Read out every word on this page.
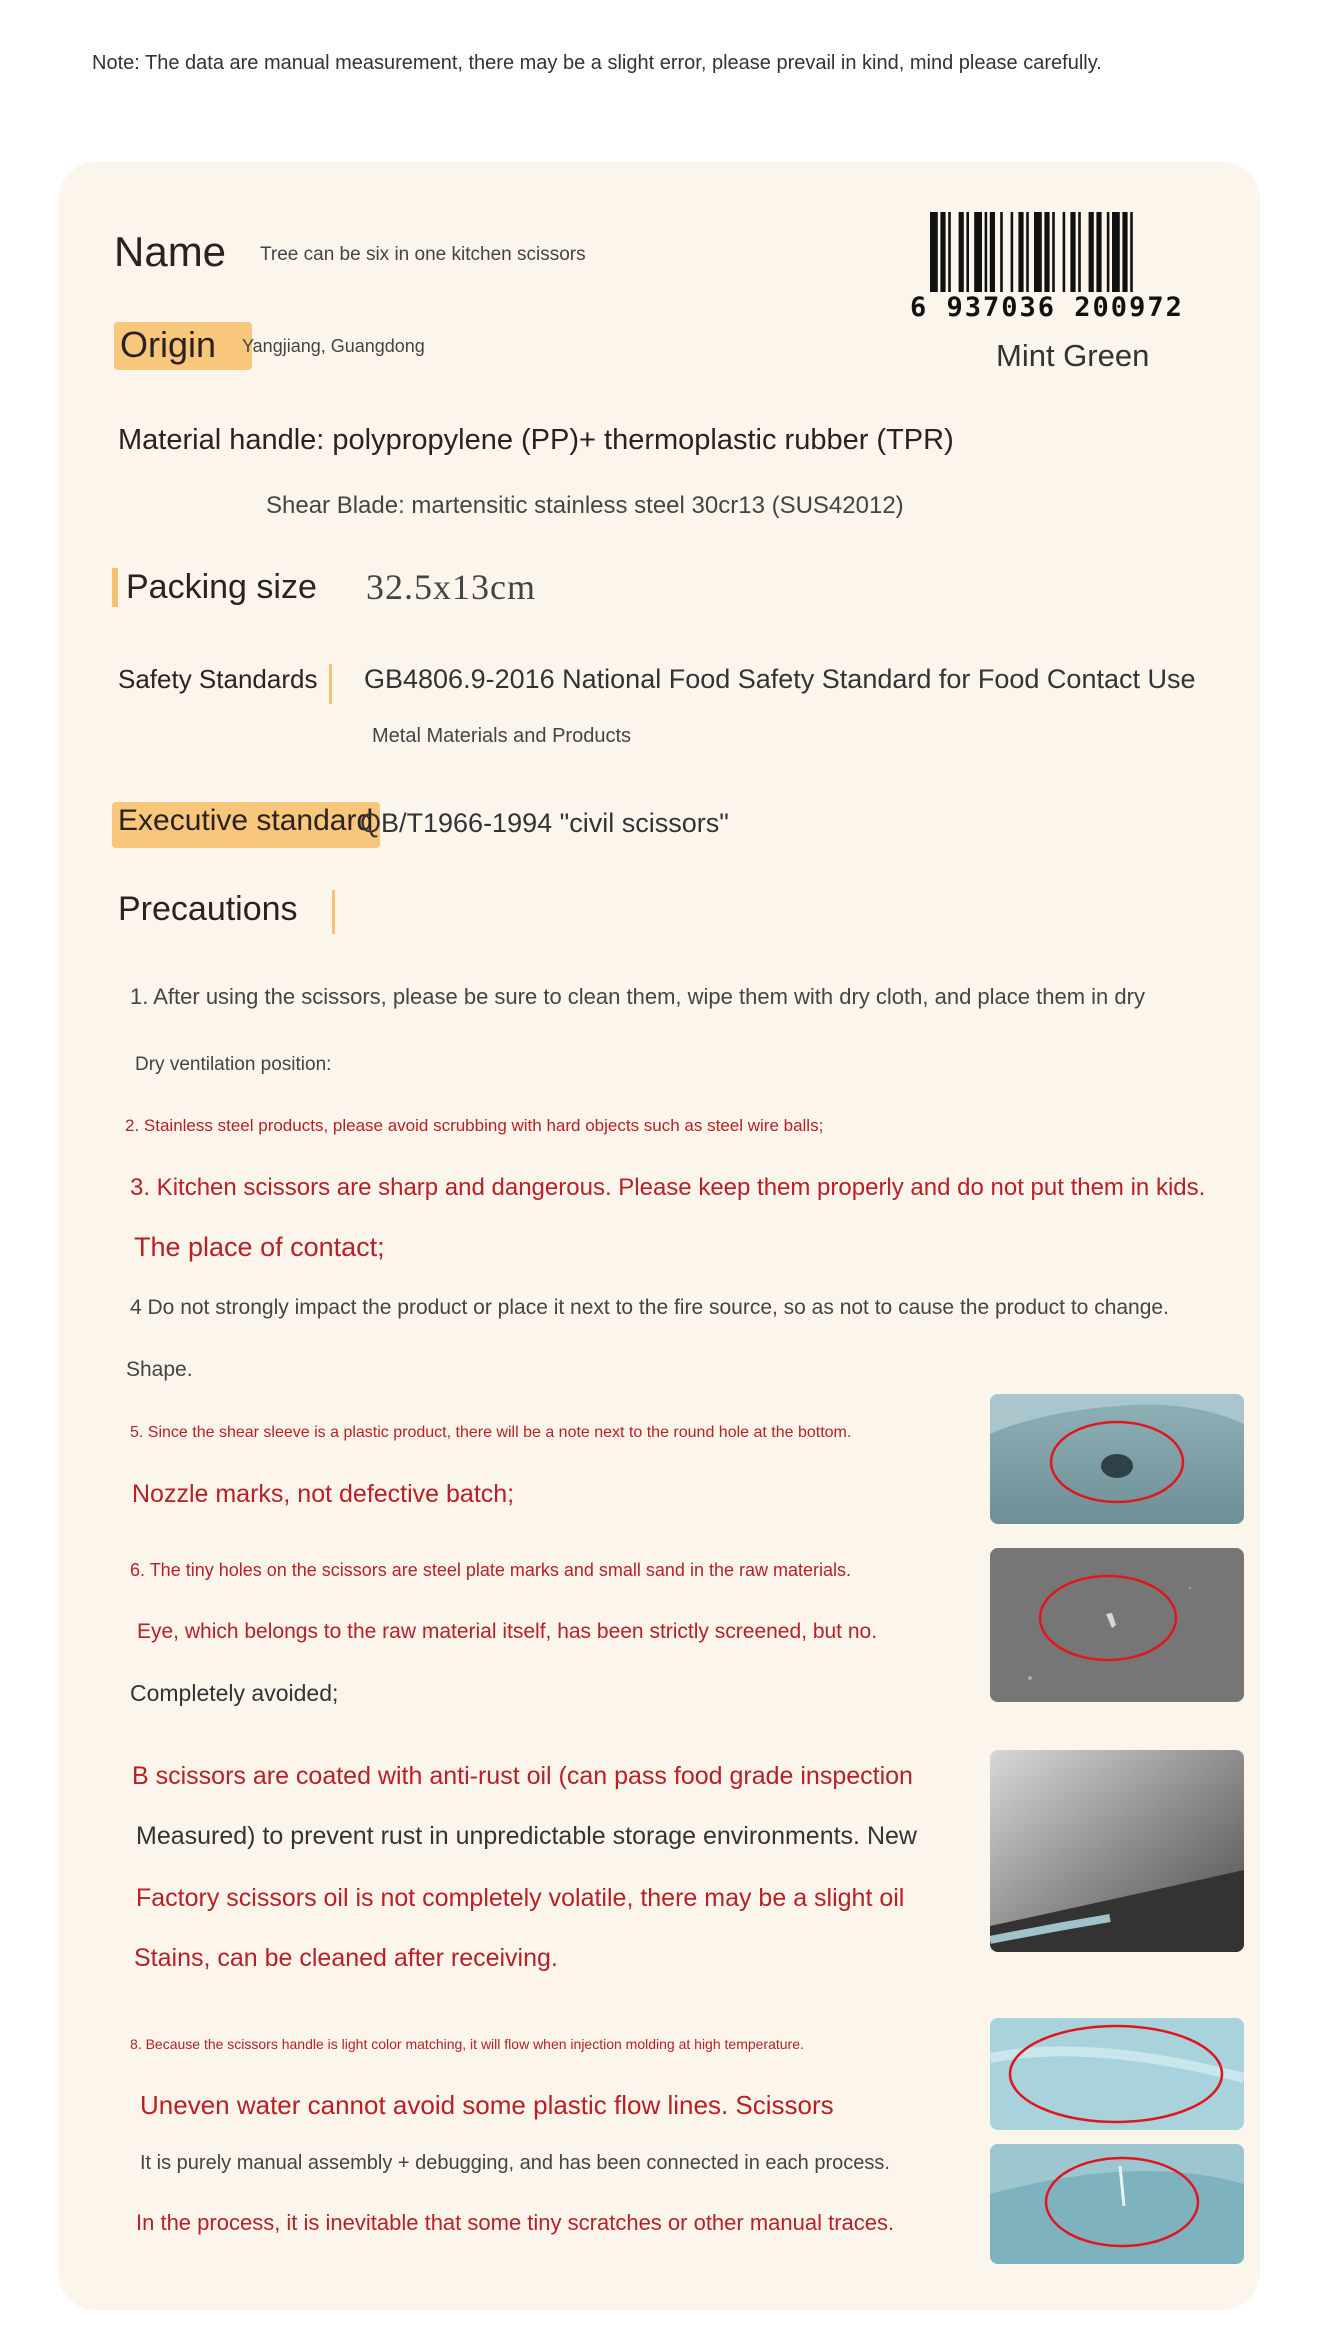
Note: The data are manual measurement, there may be a slight error, please prevail in kind, mind please carefully.
Name Tree can be six in one kitchen scissors
6 937036 200972
Mint Green
Origin	Yangjiang, Guangdong
Material handle: polypropylene (PP)+ thermoplastic rubber (TPR)
Shear Blade: martensitic stainless steel 30cr13 (SUS42012)
Packing size 32.5x13cm
Safety Standards	GB4806.9-2016 National Food Safety Standard for Food Contact Use
Metal Materials and Products
Executive standard
QB/T1966-1994 "civil scissors"
Precautions
1. After using the scissors, please be sure to clean them, wipe them with dry cloth, and place them in dry
Dry ventilation position:
2. Stainless steel products, please avoid scrubbing with hard objects such as steel wire balls;
3. Kitchen scissors are sharp and dangerous. Please keep them properly and do not put them in kids.
The place of contact;
4 Do not strongly impact the product or place it next to the fire source, so as not to cause the product to change.
Shape.
5. Since the shear sleeve is a plastic product, there will be a note next to the round hole at the bottom.
Nozzle marks, not defective batch;
6. The tiny holes on the scissors are steel plate marks and small sand in the raw materials.
Eye, which belongs to the raw material itself, has been strictly screened, but no.
Completely avoided;
B scissors are coated with anti-rust oil (can pass food grade inspection
Measured) to prevent rust in unpredictable storage environments. New
Factory scissors oil is not completely volatile, there may be a slight oil
Stains, can be cleaned after receiving.
8. Because the scissors handle is light color matching, it will flow when injection molding at high temperature.
Uneven water cannot avoid some plastic flow lines. Scissors
It is purely manual assembly + debugging, and has been connected in each process.
In the process, it is inevitable that some tiny scratches or other manual traces.
